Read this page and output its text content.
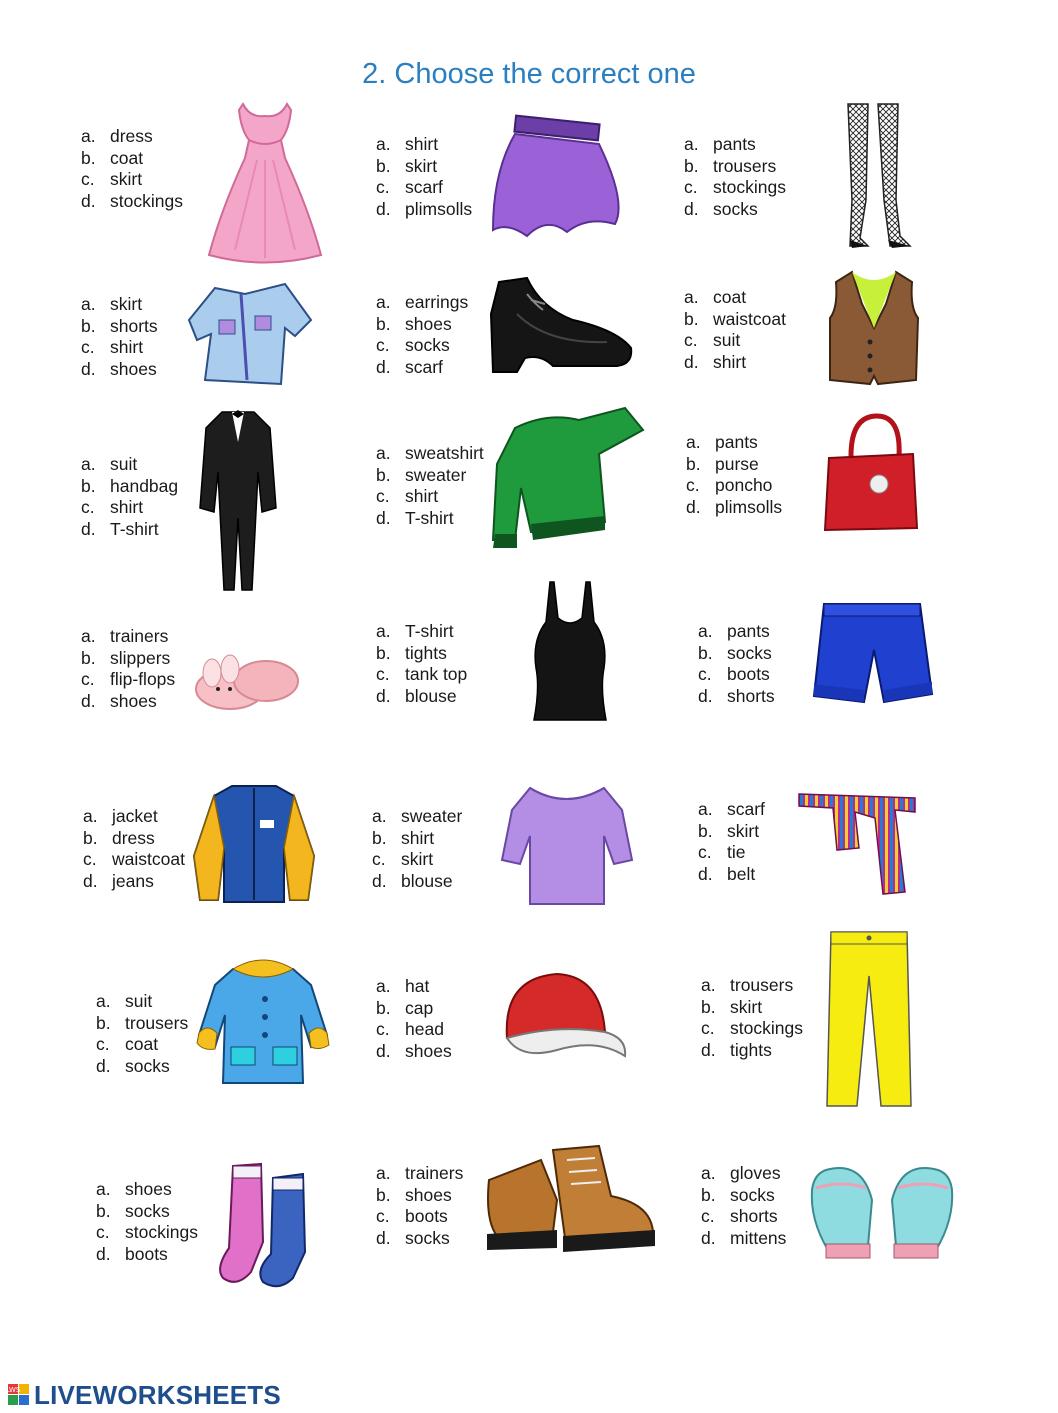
2. Choose the correct one
a. dress
b. coat
c. skirt
d. stockings
a. shirt
b. skirt
c. scarf
d. plimsolls
a. pants
b. trousers
c. stockings
d. socks
a. skirt
b. shorts
c. shirt
d. shoes
a. earrings
b. shoes
c. socks
d. scarf
a. coat
b. waistcoat
c. suit
d. shirt
a. suit
b. handbag
c. shirt
d. T-shirt
a. sweatshirt
b. sweater
c. shirt
d. T-shirt
a. pants
b. purse
c. poncho
d. plimsolls
a. trainers
b. slippers
c. flip-flops
d. shoes
a. T-shirt
b. tights
c. tank top
d. blouse
a. pants
b. socks
c. boots
d. shorts
a. jacket
b. dress
c. waistcoat
d. jeans
a. sweater
b. shirt
c. skirt
d. blouse
a. scarf
b. skirt
c. tie
d. belt
a. suit
b. trousers
c. coat
d. socks
a. hat
b. cap
c. head
d. shoes
a. trousers
b. skirt
c. stockings
d. tights
a. shoes
b. socks
c. stockings
d. boots
a. trainers
b. shoes
c. boots
d. socks
a. gloves
b. socks
c. shorts
d. mittens
LWS LIVEWORKSHEETS
